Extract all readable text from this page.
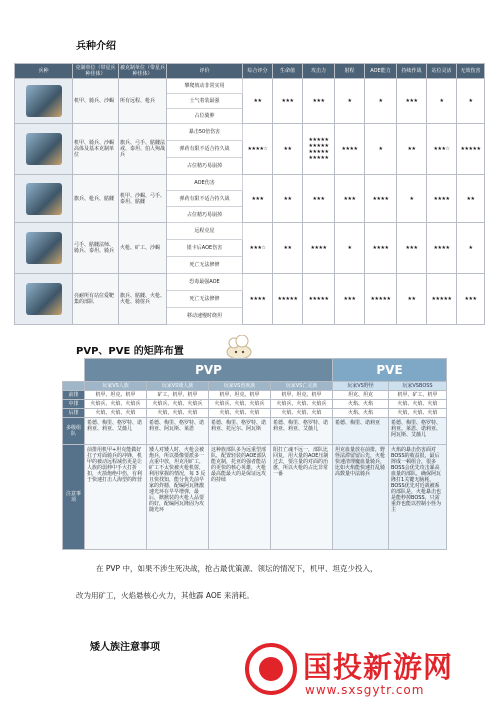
兵种介绍
兵种	克制单位（带星兵种佳体）	被克制单位（带星兵种佳体）	评价	综合评分	生命值	攻击力	射程	AOE能力	持续作战	站位灵活	无效伤害

	机甲、骑兵、沙蝎	所有远程、枪兵	攀爬坡动非常实用	★★	★★★	★★★	★	★	★★★	★	★
			士气着装最强								
			占位骑肿								

	机甲、骑兵、沙蝎高体及基本克制单位	旗兵、弓手、骷髅法戒、泰坦、伯人殉战兵	暴击50倍伤害	★★★★☆	★★	★★★★★ ★★★★★ ★★★★★ ★★★★★	★★★★	★	★★	★★★☆	★★★★★
			弹药有限不适合持久战								
			占位精巧易崩掉								

	旗兵、枪兵、骷髅	机甲、沙蝎、弓手、泰坦、骷髅	AOE伤害	★★★	★★	★★★	★★★	★★★★	★	★★★★	★★
			弹药有限不适合持久战								
			占位精巧易崩掉								

	弓手、骷髅法师、骑兵、泰坦、骑兵	火枪、矿工、沙蝎	远程克星	★★★☆	★★	★★★★	★	★★★★	★★★	★★★★	★
			银卡后AOE伤害								
			死亡无法修修								

	亮耐所有站位爱靶集的部队	旗兵、骷髅、火枪、火枪、骑射兵	恐毒最强AOE	★★★★	★★★★★	★★★★★	★★★	★★★★★	★★	★★★★★	★★★
			死亡无法修修								
			移动速慢时绕坦								
PVP、PVE 的矩阵布置
	PVP				PVE	
	玩家VS人族	玩家VS矮人族	玩家VS兽族族	玩家VS亡灵族	玩家VS野怪	玩家VSBOSS
前排	机甲、坦克、机甲	矿工、机甲、机甲	机甲、坦克、机甲	机甲、坦克、机甲	坦克、坦克	机甲、矿工、机甲
中排	火焰兵、火焰、火焰兵	火焰兵、火焰、火焰兵	火焰兵、火焰、火焰兵	火焰兵、火焰、火焰兵	火焰、火焰	火焰、火焰、火焰
后排	火焰、火焰、火焰	火焰、火焰、火焰	火焰、火焰、火焰	火焰、火焰、火焰	火焰、火焰	火焰、火焰、火焰
多级组队	希德、梅里、格罗特、诺莉亚、莉亚、艾薇儿	希德、梅里、格罗特、诺莉亚、阿瓦斯、莱恩	希德、梅里、格罗特、诺莉亚、托尼尔、阿瓦斯	希德、梅里、格罗特、诺莉亚、莉亚、艾薇儿	希德、梅里、诺莉亚	希德、梅里、格罗特、莉亚、莱恩、诺莉亚、阿瓦斯、艾薇儿
注意事项	前排用机甲+坦克能做好扛子对面骑兵的冲锋，机甲的被动远程减伤更是让人族的弱伸中手大打折扣，火箭炮绝中伤，有利于快速打击人海型的阵营	矮人对矮人时，火枪会被炮兵，所以摄像要派多一点重中放，坦克用矿工，矿工不太快被火枪机射，利用掌握的情况，每 3 反且快找知，能分优先前早家的炸撼，配编阿瓦隆激速光环在早早增弹，最后，掀掀装的火枪人品要的好，配编阿瓦隆固为攻随光环	这种族部队多为远重型部队，配置轻装的AOE部队能克制，托亚的强者能站的更快的核心英雄，火枪最高能最大的是保证远攻的持续	阳打亡魂不远一，部队比回复，用大量的AOE压制过去，要注量的对面的治愈，所以火枪的占比非常一番	坦克血量放在前排，野怪法滞留留后先，火枪快速清理魔血量骑兵，比如火焰能快速打乱骑高数量中法骑兵	火焰的暴击伤害面对BOSS的收益很，最后摔成一顿组合，很多BOSS会优先攻击暴高血量的部队，确保阿瓦隆打1关键无脑耗，BOSS优先对近战被系的部队是，火枪暴击也是能秒掉BOSS，只需重炸也能以控制小怪为主
在 PVP 中，如果不涉生死决战，抢占最优策源、领坛的情况下，机甲、坦克少投入，
改为用矿工，火焰悬核心火力，其他霹 AOE 来消耗。
矮人族注意事项
国投新游网
www.sxsgytr.com
